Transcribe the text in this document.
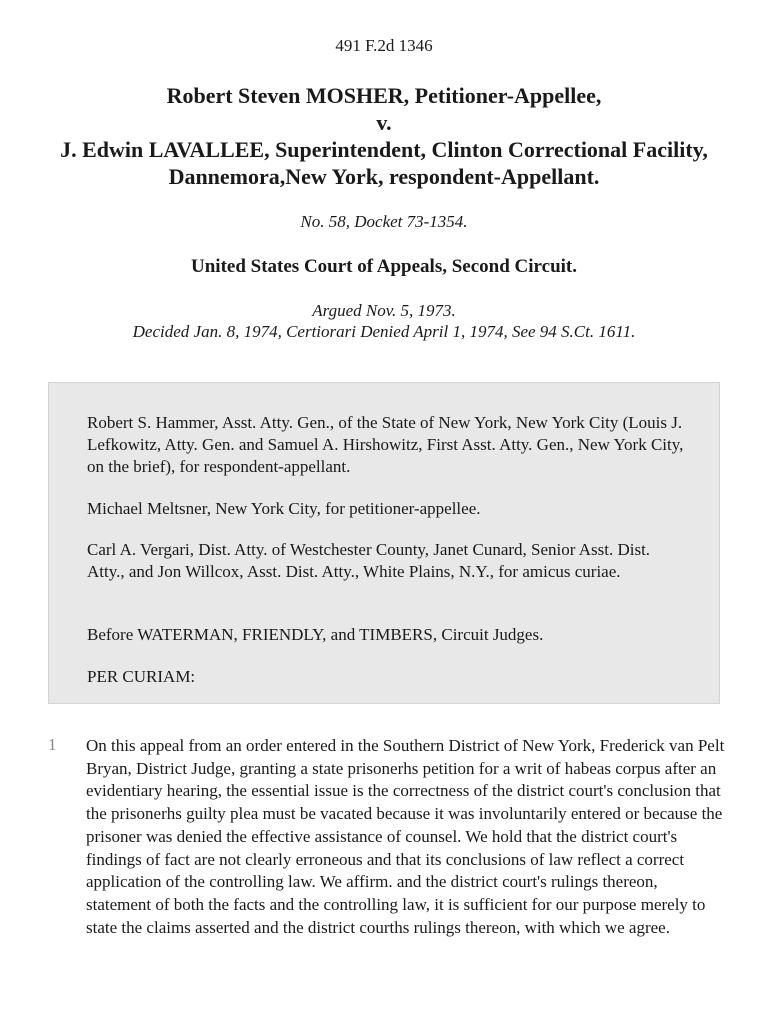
491 F.2d 1346
Robert Steven MOSHER, Petitioner-Appellee,
v.
J. Edwin LAVALLEE, Superintendent, Clinton Correctional Facility, Dannemora,New York, respondent-Appellant.
No. 58, Docket 73-1354.
United States Court of Appeals, Second Circuit.
Argued Nov. 5, 1973.
Decided Jan. 8, 1974, Certiorari Denied April 1, 1974, See 94 S.Ct. 1611.

Robert S. Hammer, Asst. Atty. Gen., of the State of New York, New York City (Louis J. Lefkowitz, Atty. Gen. and Samuel A. Hirshowitz, First Asst. Atty. Gen., New York City, on the brief), for respondent-appellant.

Michael Meltsner, New York City, for petitioner-appellee.

Carl A. Vergari, Dist. Atty. of Westchester County, Janet Cunard, Senior Asst. Dist. Atty., and Jon Willcox, Asst. Dist. Atty., White Plains, N.Y., for amicus curiae.

Before WATERMAN, FRIENDLY, and TIMBERS, Circuit Judges.

PER CURIAM:

1 On this appeal from an order entered in the Southern District of New York, Frederick van Pelt Bryan, District Judge, granting a state prisonerhs petition for a writ of habeas corpus after an evidentiary hearing, the essential issue is the correctness of the district court's conclusion that the prisonerhs guilty plea must be vacated because it was involuntarily entered or because the prisoner was denied the effective assistance of counsel. We hold that the district court's findings of fact are not clearly erroneous and that its conclusions of law reflect a correct application of the controlling law. We affirm. and the district court's rulings thereon, statement of both the facts and the controlling law, it is sufficient for our purpose merely to state the claims asserted and the district courths rulings thereon, with which we agree.
